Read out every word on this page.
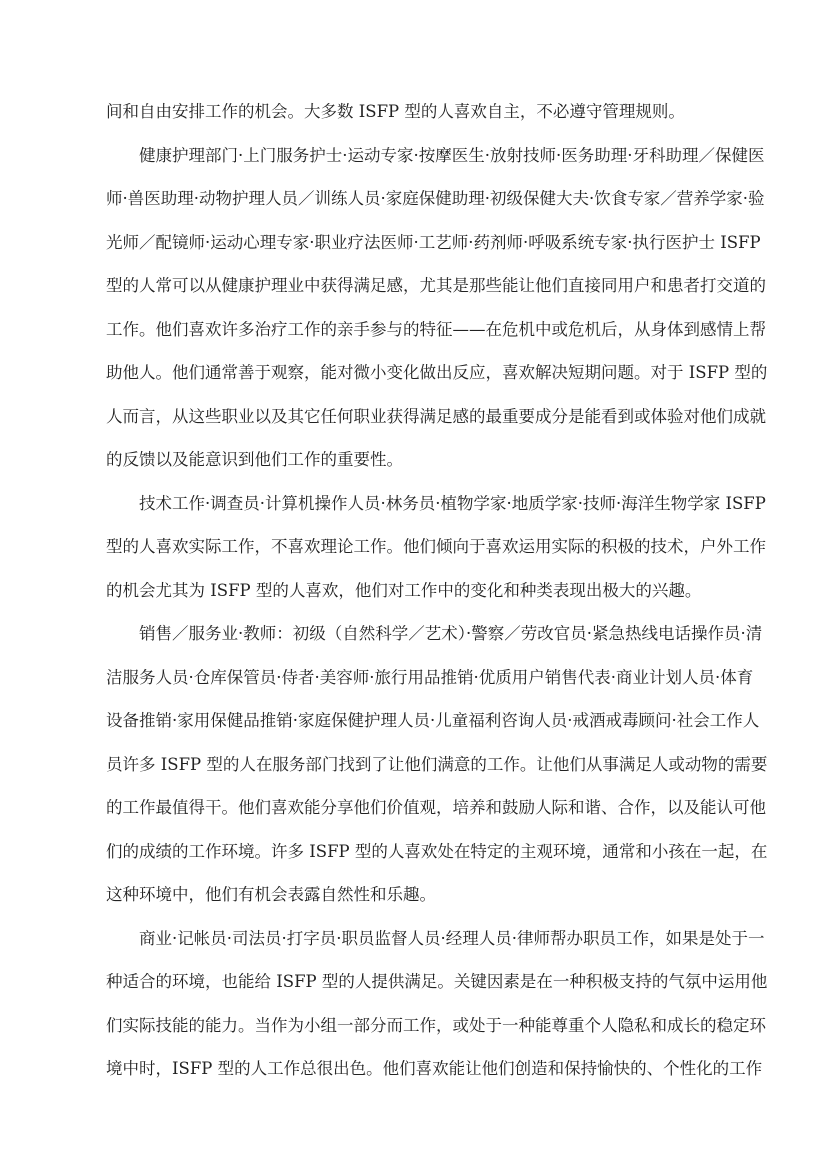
间和自由安排工作的机会。大多数 ISFP 型的人喜欢自主，不必遵守管理规则。
健康护理部门·上门服务护士·运动专家·按摩医生·放射技师·医务助理·牙科助理／保健医
师·兽医助理·动物护理人员／训练人员·家庭保健助理·初级保健大夫·饮食专家／营养学家·验
光师／配镜师·运动心理专家·职业疗法医师·工艺师·药剂师·呼吸系统专家·执行医护士 ISFP
型的人常可以从健康护理业中获得满足感，尤其是那些能让他们直接同用户和患者打交道的
工作。他们喜欢许多治疗工作的亲手参与的特征——在危机中或危机后，从身体到感情上帮
助他人。他们通常善于观察，能对微小变化做出反应，喜欢解决短期问题。对于 ISFP 型的
人而言，从这些职业以及其它任何职业获得满足感的最重要成分是能看到或体验对他们成就
的反馈以及能意识到他们工作的重要性。
技术工作·调查员·计算机操作人员·林务员·植物学家·地质学家·技师·海洋生物学家 ISFP
型的人喜欢实际工作，不喜欢理论工作。他们倾向于喜欢运用实际的积极的技术，户外工作
的机会尤其为 ISFP 型的人喜欢，他们对工作中的变化和种类表现出极大的兴趣。
销售／服务业·教师：初级（自然科学／艺术）·警察／劳改官员·紧急热线电话操作员·清
洁服务人员·仓库保管员·侍者·美容师·旅行用品推销·优质用户销售代表·商业计划人员·体育
设备推销·家用保健品推销·家庭保健护理人员·儿童福利咨询人员·戒酒戒毒顾问·社会工作人
员许多 ISFP 型的人在服务部门找到了让他们满意的工作。让他们从事满足人或动物的需要
的工作最值得干。他们喜欢能分享他们价值观，培养和鼓励人际和谐、合作，以及能认可他
们的成绩的工作环境。许多 ISFP 型的人喜欢处在特定的主观环境，通常和小孩在一起，在
这种环境中，他们有机会表露自然性和乐趣。
商业·记帐员·司法员·打字员·职员监督人员·经理人员·律师帮办职员工作，如果是处于一
种适合的环境，也能给 ISFP 型的人提供满足。关键因素是在一种积极支持的气氛中运用他
们实际技能的能力。当作为小组一部分而工作，或处于一种能尊重个人隐私和成长的稳定环
境中时，ISFP 型的人工作总很出色。他们喜欢能让他们创造和保持愉快的、个性化的工作
